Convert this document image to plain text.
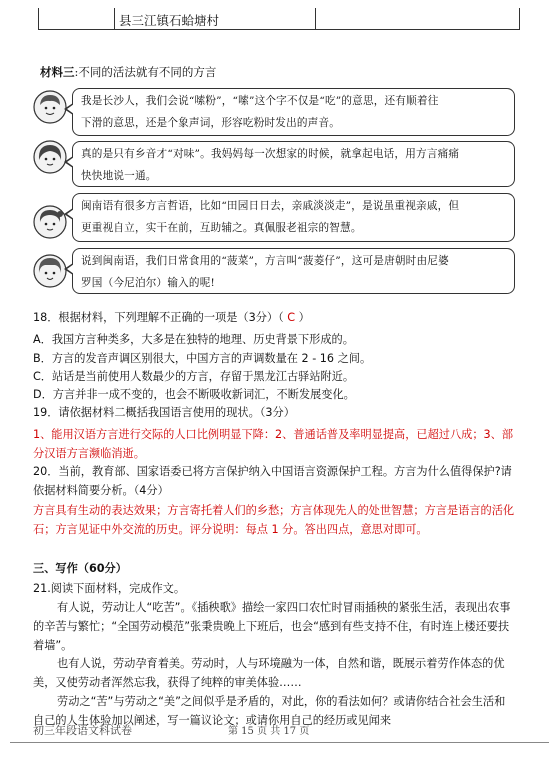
县三江镇石蛤塘村
材料三:不同的活法就有不同的方言
我是长沙人，我们会说“嗦粉”，“嗦”这个字不仅是“吃”的意思，还有顺着往
下滑的意思，还是个象声词，形容吃粉时发出的声音。
真的是只有乡音才“对味”。我妈妈每一次想家的时候，就拿起电话，用方言痛痛
快快地说一通。
闽南语有很多方言哲语，比如“田园日日去，亲戚淡淡走”，是说虽重视亲戚，但
更重视自立，实干在前，互助辅之。真佩服老祖宗的智慧。
说到闽南语，我们日常食用的“菠菜”，方言叫“菠菱仔”，这可是唐朝时由尼婆
罗国（今尼泊尔）输入的呢!
18．根据材料，下列理解不正确的一项是（3分）（ C ）
A．我国方言种类多，大多是在独特的地理、历史背景下形成的。
B．方言的发音声调区别很大，中国方言的声调数量在 2 - 16 之间。
C．站话是当前使用人数最少的方言，存留于黑龙江古驿站附近。
D．方言并非一成不变的，也会不断吸收新词汇，不断发展变化。
19．请依据材料二概括我国语言使用的现状。（3分）
1、能用汉语方言进行交际的人口比例明显下降：2、普通话普及率明显提高，已超过八成；3、部分汉语方言濒临消逝。
20．当前，教育部、国家语委已将方言保护纳入中国语言资源保护工程。方言为什么值得保护?请依据材料简要分析。（4分）
方言具有生动的表达效果；方言寄托着人们的乡愁；方言体现先人的处世智慧；方言是语言的活化石；方言见证中外交流的历史。评分说明：每点 1 分。答出四点，意思对即可。
三、写作（60分）
21.阅读下面材料，完成作文。
有人说，劳动让人“吃苦”。《插秧歌》描绘一家四口农忙时冒雨插秧的紧张生活，表现出农事的辛苦与繁忙；“全国劳动模范”张秉贵晚上下班后，也会“感到有些支持不住，有时连上楼还要扶着墙”。
也有人说，劳动孕育着美。劳动时，人与环境融为一体，自然和谐，既展示着劳作体态的优美，又使劳动者浑然忘我，获得了纯粹的审美体验……
劳动之“苦”与劳动之“美”之间似乎是矛盾的，对此，你的看法如何？或请你结合社会生活和自己的人生体验加以阐述，写一篇议论文；或请你用自己的经历或见闻来
初三年段语文科试卷	第 15 页 共 17 页
